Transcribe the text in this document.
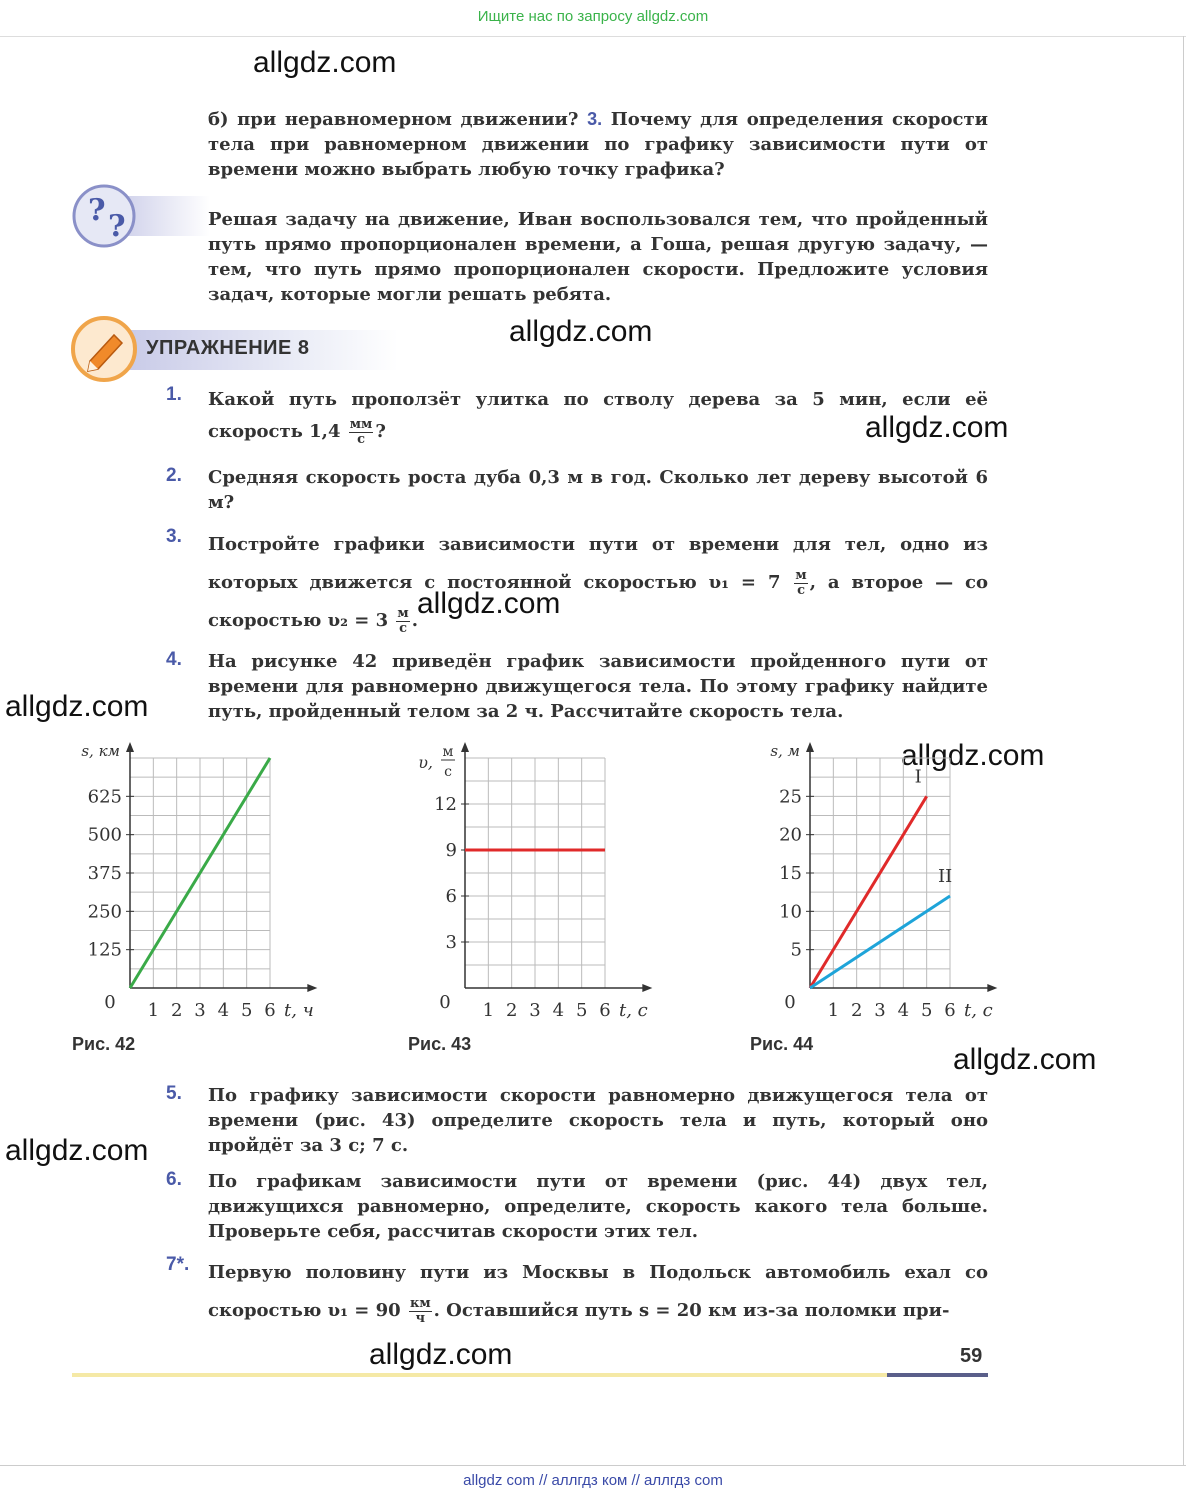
Ищите нас по запросу allgdz.com
allgdz.com
allgdz.com
allgdz.com
allgdz.com
allgdz.com
allgdz.com
allgdz.com
allgdz.com
allgdz.com
б) при неравномерном движении? 3. Почему для определения скорости тела при равномерном движении по графику зависимости пути от времени можно выбрать любую точку графика?
? ?	Решая задачу на движение, Иван воспользовался тем, что пройденный путь прямо пропорционален времени, а Гоша, решая другую задачу, — тем, что путь прямо пропорционален скорости. Предложите условия задач, которые могли решать ребята.
УПРАЖНЕНИЕ 8
1. Какой путь проползёт улитка по стволу дерева за 5 мин, если её скорость $1,4 \frac{мм}{с}$ ?
2. Средняя скорость роста дуба 0,3 м в год. Сколько лет дереву высотой 6 м?
3. Постройте графики зависимости пути от времени для тел, одно из которых движется с постоянной скоростью $\upsilon_1 = 7 \frac{м}{с}$ , а второе — со скоростью $\upsilon_2 = 3 \frac{м}{с}$ .
4. На рисунке 42 приведён график зависимости пройденного пути от времени для равномерно движущегося тела. По этому графику найдите путь, пройденный телом за 2 ч. Рассчитайте скорость тела.
1 2 3 4 5 6
125
250
375
500
625
0	t, ч
s, км
1 2 3 4 5 6
3
6
9
12
0	t, с
υ,
м
с
1 2 3 4 5 6
5
10
15
20
25
0	t, с
s, м
I
II
Рис. 42	Рис. 43	Рис. 44
5. По графику зависимости скорости равномерно движущегося тела от времени (рис. 43) определите скорость тела и путь, который оно пройдёт за 3 с; 7 с.
6. По графикам зависимости пути от времени (рис. 44) двух тел, движущихся равномерно, определите, скорость какого тела больше. Проверьте себя, рассчитав скорости этих тел.
7*. Первую половину пути из Москвы в Подольск автомобиль ехал со скоростью $\upsilon_1 = 90 \frac{км}{ч}$ . Оставшийся путь s = 20 км из-за поломки при-
59
allgdz com // аллгдз ком // аллгдз com
